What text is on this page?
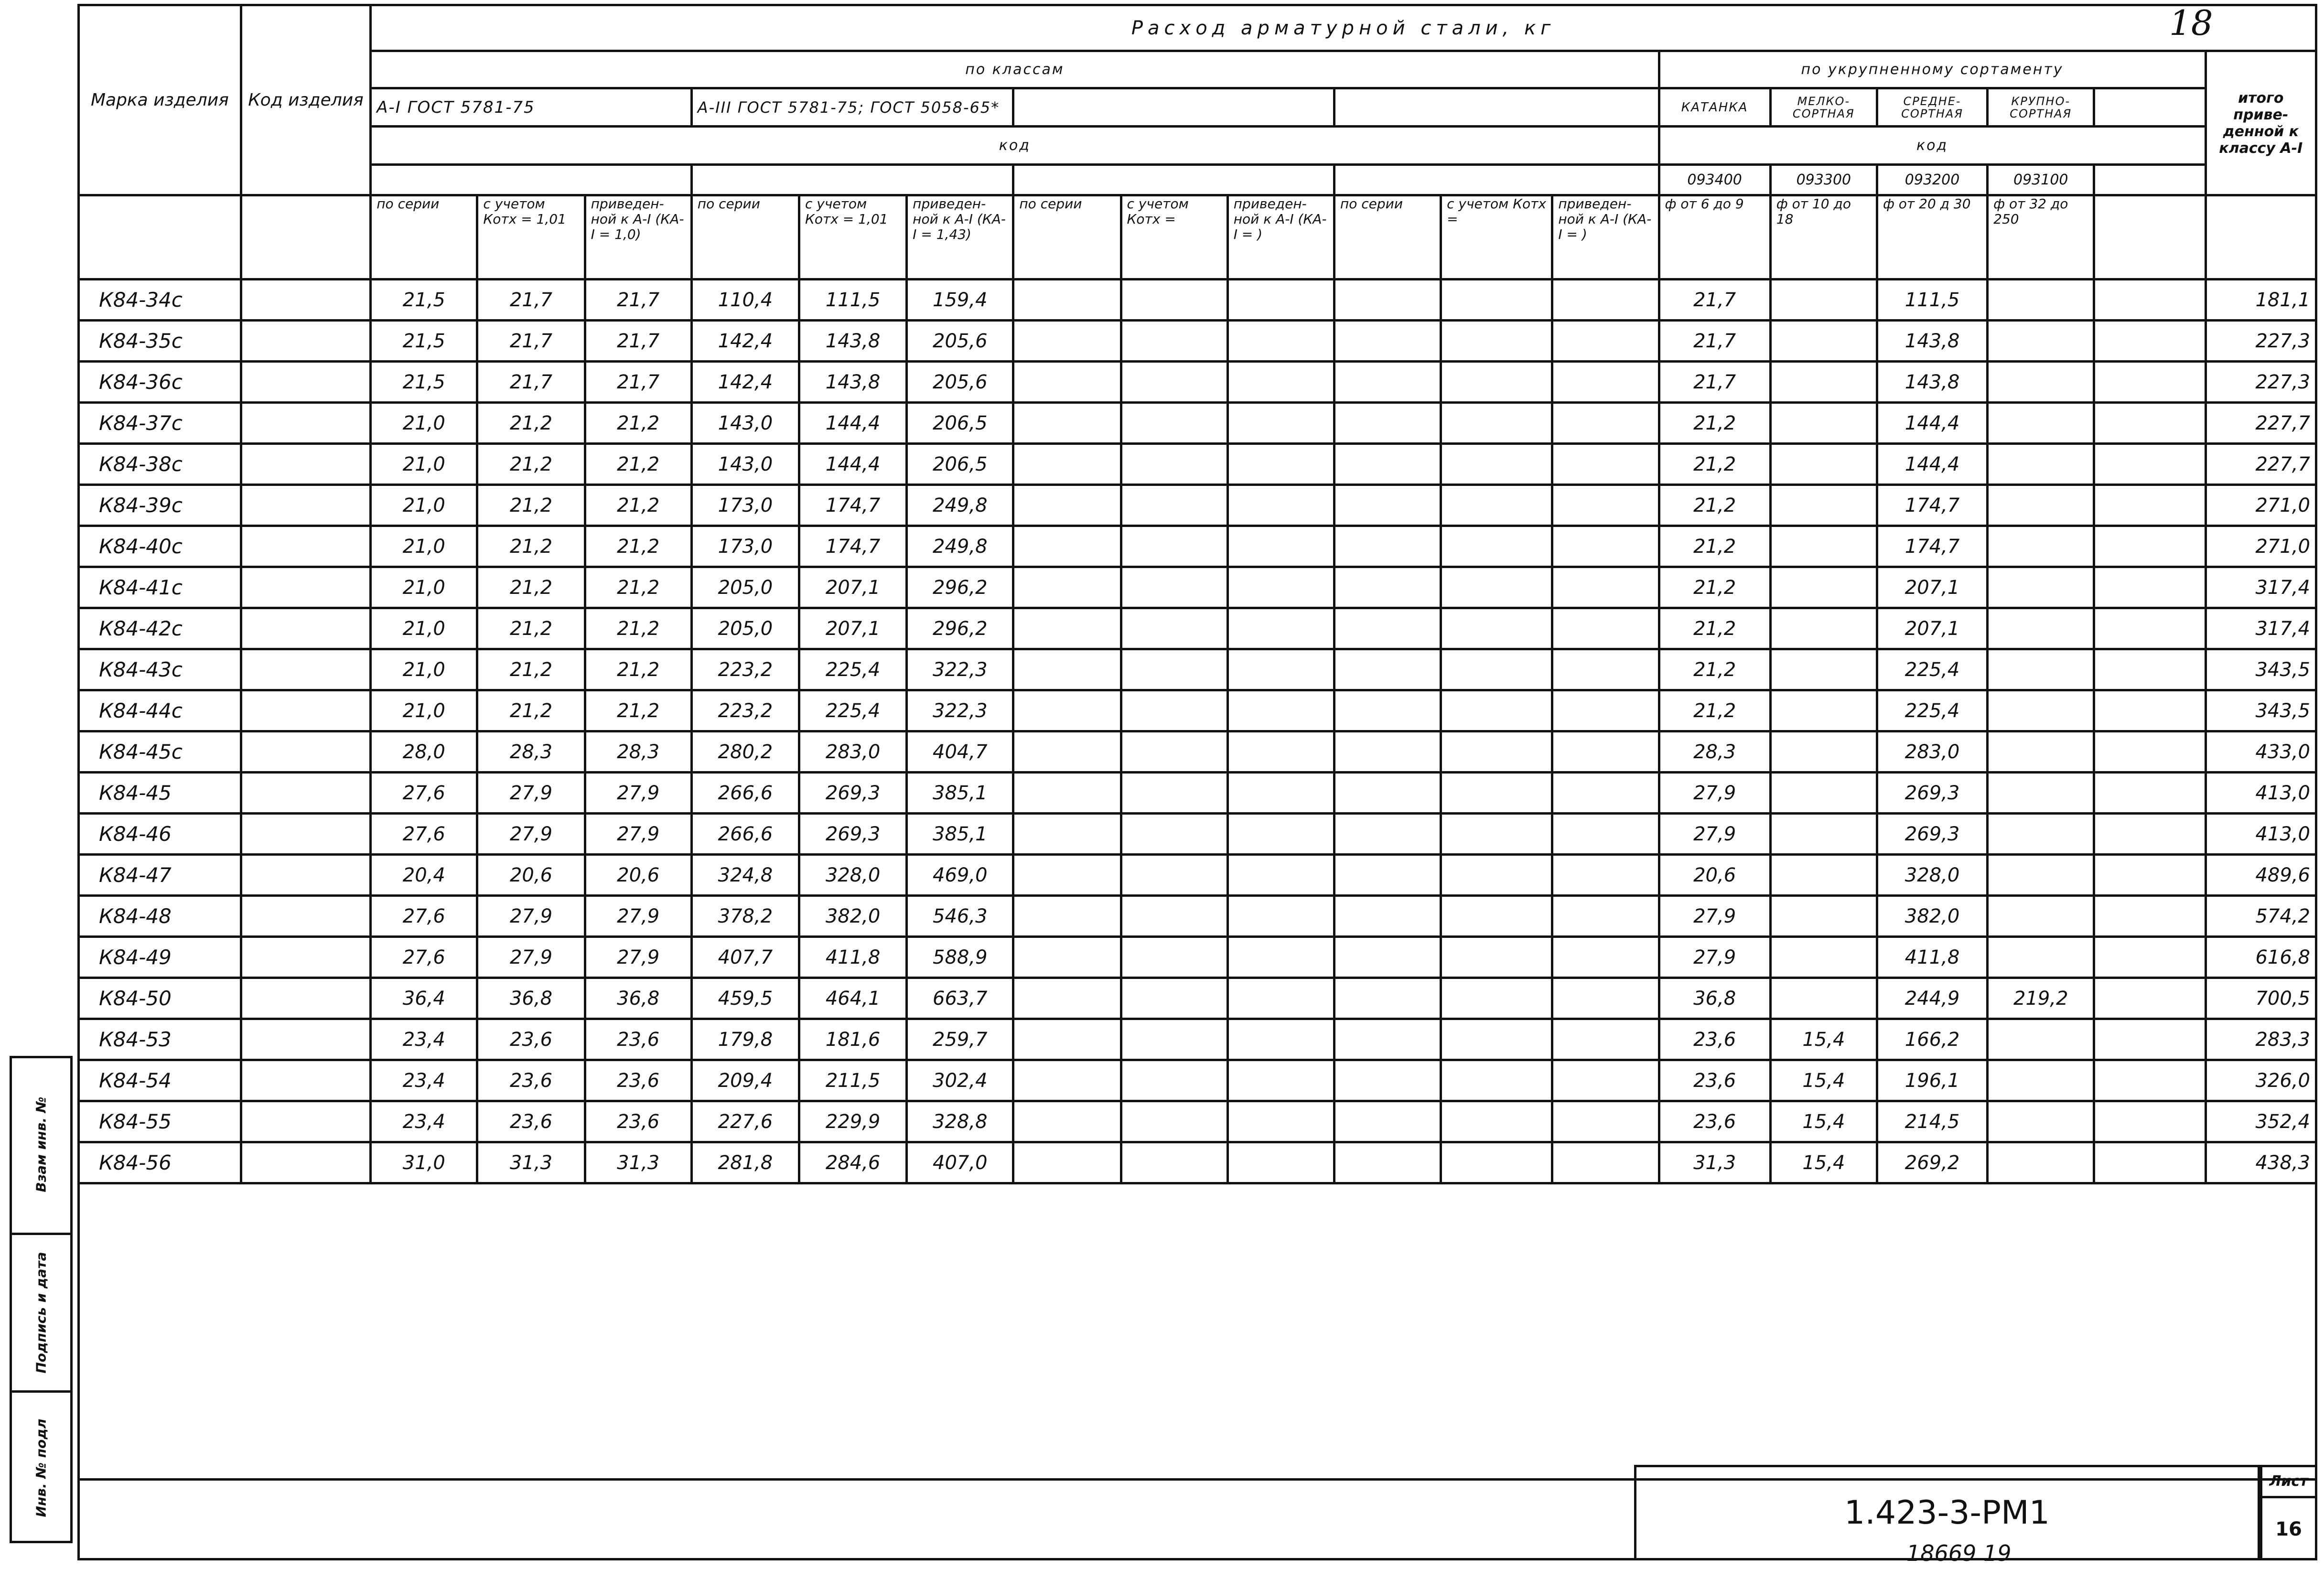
18
Взам инв. №
Подпись и дата
Инв. № подл
Марка изделия	Код изделия	Расход арматурной стали, кг																	
		по классам												по укрупненному сортаменту					итого приве- денной к классу А-I
		А-I ГОСТ 5781-75			А-III ГОСТ 5781-75; ГОСТ 5058-65*									КАТАНКА	МЕЛКО- СОРТНАЯ	СРЕДНЕ- СОРТНАЯ	КРУПНО- СОРТНАЯ		
		код												код					
														093400	093300	093200	093100		
		по серии	с учетом Котх = 1,01	приведен- ной к А-I (КА-I = 1,0)	по серии	с учетом Котх = 1,01	приведен- ной к А-I (КА-I = 1,43)	по серии	с учетом Котх =	приведен- ной к А-I (КА-I = )	по серии	с учетом Котх =	приведен- ной к А-I (КА-I = )	ф от 6 до 9	ф от 10 до 18	ф от 20 д 30	ф от 32 до 250		
К84-34с		21,5	21,7	21,7	110,4	111,5	159,4							21,7		111,5			181,1
К84-35с		21,5	21,7	21,7	142,4	143,8	205,6							21,7		143,8			227,3
К84-36с		21,5	21,7	21,7	142,4	143,8	205,6							21,7		143,8			227,3
К84-37с		21,0	21,2	21,2	143,0	144,4	206,5							21,2		144,4			227,7
К84-38с		21,0	21,2	21,2	143,0	144,4	206,5							21,2		144,4			227,7
К84-39с		21,0	21,2	21,2	173,0	174,7	249,8							21,2		174,7			271,0
К84-40с		21,0	21,2	21,2	173,0	174,7	249,8							21,2		174,7			271,0
К84-41с		21,0	21,2	21,2	205,0	207,1	296,2							21,2		207,1			317,4
К84-42с		21,0	21,2	21,2	205,0	207,1	296,2							21,2		207,1			317,4
К84-43с		21,0	21,2	21,2	223,2	225,4	322,3							21,2		225,4			343,5
К84-44с		21,0	21,2	21,2	223,2	225,4	322,3							21,2		225,4			343,5
К84-45с		28,0	28,3	28,3	280,2	283,0	404,7							28,3		283,0			433,0
К84-45		27,6	27,9	27,9	266,6	269,3	385,1							27,9		269,3			413,0
К84-46		27,6	27,9	27,9	266,6	269,3	385,1							27,9		269,3			413,0
К84-47		20,4	20,6	20,6	324,8	328,0	469,0							20,6		328,0			489,6
К84-48		27,6	27,9	27,9	378,2	382,0	546,3							27,9		382,0			574,2
К84-49		27,6	27,9	27,9	407,7	411,8	588,9							27,9		411,8			616,8
К84-50		36,4	36,8	36,8	459,5	464,1	663,7							36,8		244,9	219,2		700,5
К84-53		23,4	23,6	23,6	179,8	181,6	259,7							23,6	15,4	166,2			283,3
К84-54		23,4	23,6	23,6	209,4	211,5	302,4							23,6	15,4	196,1			326,0
К84-55		23,4	23,6	23,6	227,6	229,9	328,8							23,6	15,4	214,5			352,4
К84-56		31,0	31,3	31,3	281,8	284,6	407,0							31,3	15,4	269,2			438,3

1.423-3-РМ1
Лист
16
18669 19
